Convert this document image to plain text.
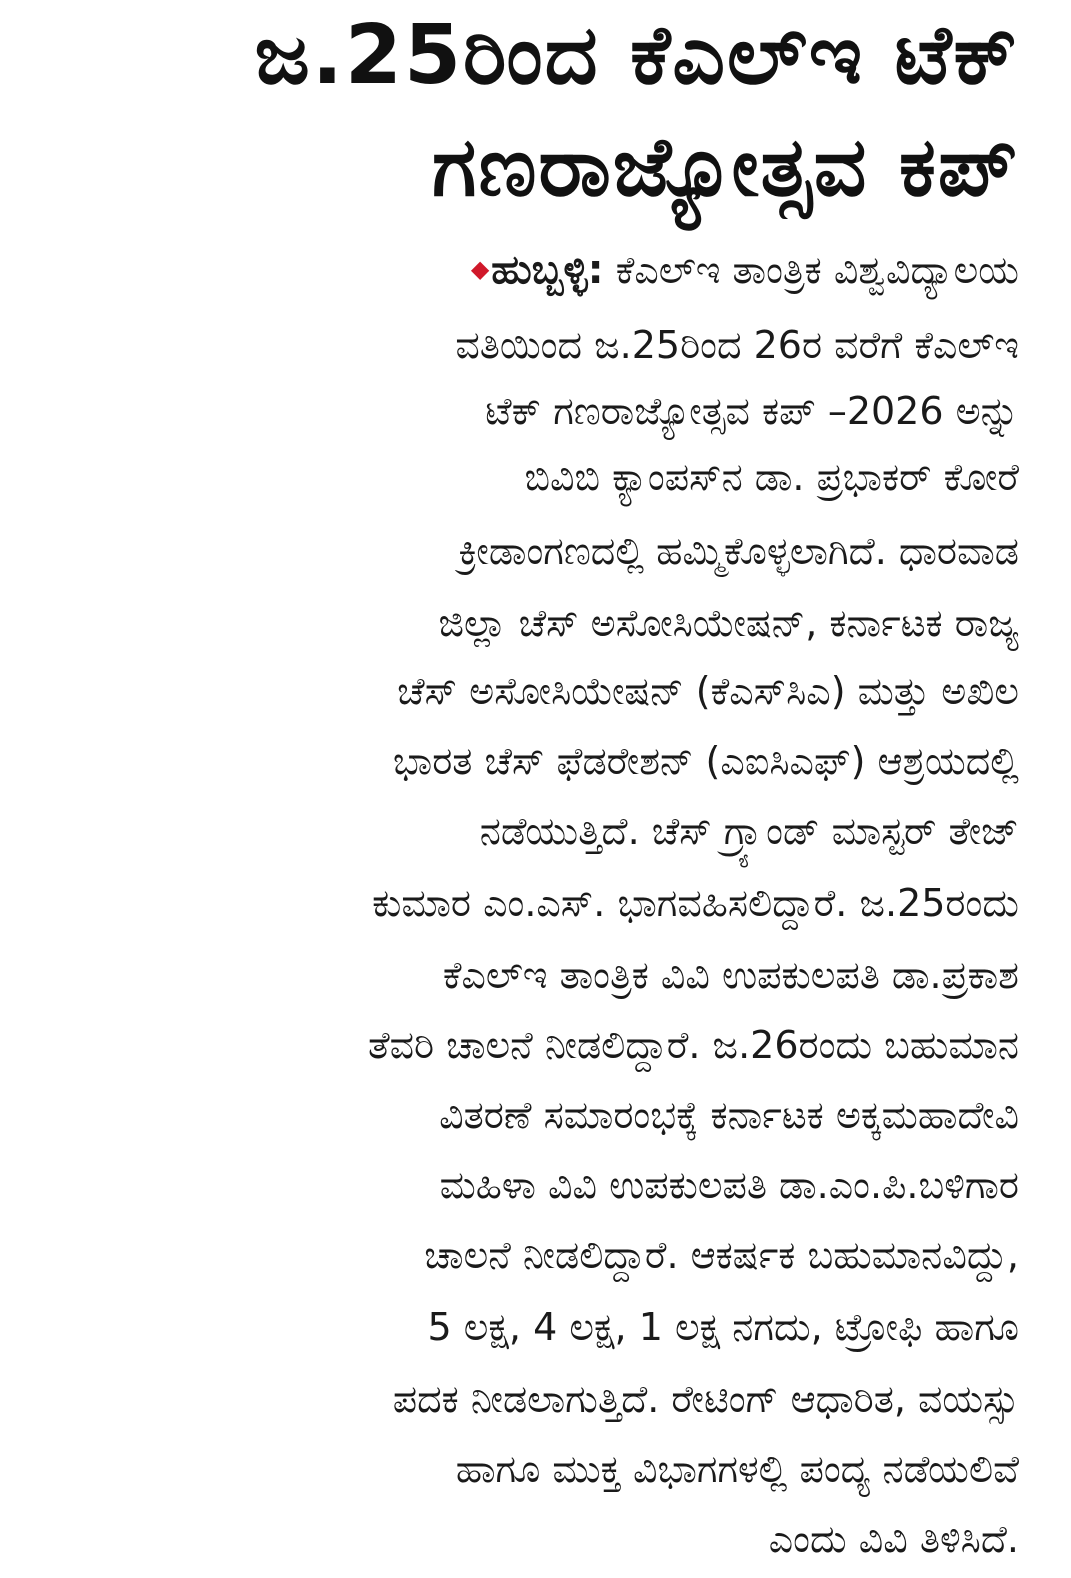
ಜ.25ರಿಂದ ಕೆಎಲ್ಇ ಟೆಕ್
ಗಣರಾಜ್ಯೋತ್ಸವ ಕಪ್
◆ಹುಬ್ಬಳ್ಳಿ: ಕೆಎಲ್ಇ ತಾಂತ್ರಿಕ ವಿಶ್ವವಿದ್ಯಾಲಯ
ವತಿಯಿಂದ ಜ.25ರಿಂದ 26ರ ವರೆಗೆ ಕೆಎಲ್ಇ
ಟೆಕ್ ಗಣರಾಜ್ಯೋತ್ಸವ ಕಪ್ –2026 ಅನ್ನು
ಬಿವಿಬಿ ಕ್ಯಾಂಪಸ್‌ನ ಡಾ. ಪ್ರಭಾಕರ್ ಕೋರೆ
ಕ್ರೀಡಾಂಗಣದಲ್ಲಿ ಹಮ್ಮಿಕೊಳ್ಳಲಾಗಿದೆ. ಧಾರವಾಡ
ಜಿಲ್ಲಾ ಚೆಸ್ ಅಸೋಸಿಯೇಷನ್, ಕರ್ನಾಟಕ ರಾಜ್ಯ
ಚೆಸ್ ಅಸೋಸಿಯೇಷನ್ (ಕೆಎಸ್‌ಸಿಎ) ಮತ್ತು ಅಖಿಲ
ಭಾರತ ಚೆಸ್ ಫೆಡರೇಶನ್ (ಎಐಸಿಎಫ್) ಆಶ್ರಯದಲ್ಲಿ
ನಡೆಯುತ್ತಿದೆ. ಚೆಸ್ ಗ್ರ್ಯಾಂಡ್ ಮಾಸ್ಟರ್ ತೇಜ್
ಕುಮಾರ ಎಂ.ಎಸ್. ಭಾಗವಹಿಸಲಿದ್ದಾರೆ. ಜ.25ರಂದು
ಕೆಎಲ್ಇ ತಾಂತ್ರಿಕ ವಿವಿ ಉಪಕುಲಪತಿ ಡಾ.ಪ್ರಕಾಶ
ತೆವರಿ ಚಾಲನೆ ನೀಡಲಿದ್ದಾರೆ. ಜ.26ರಂದು ಬಹುಮಾನ
ವಿತರಣೆ ಸಮಾರಂಭಕ್ಕೆ ಕರ್ನಾಟಕ ಅಕ್ಕಮಹಾದೇವಿ
ಮಹಿಳಾ ವಿವಿ ಉಪಕುಲಪತಿ ಡಾ.ಎಂ.ಪಿ.ಬಳಿಗಾರ
ಚಾಲನೆ ನೀಡಲಿದ್ದಾರೆ. ಆಕರ್ಷಕ ಬಹುಮಾನವಿದ್ದು,
5 ಲಕ್ಷ, 4 ಲಕ್ಷ, 1 ಲಕ್ಷ ನಗದು, ಟ್ರೋಫಿ ಹಾಗೂ
ಪದಕ ನೀಡಲಾಗುತ್ತಿದೆ. ರೇಟಿಂಗ್ ಆಧಾರಿತ, ವಯಸ್ಸು
ಹಾಗೂ ಮುಕ್ತ ವಿಭಾಗಗಳಲ್ಲಿ ಪಂದ್ಯ ನಡೆಯಲಿವೆ
ಎಂದು ವಿವಿ ತಿಳಿಸಿದೆ.
